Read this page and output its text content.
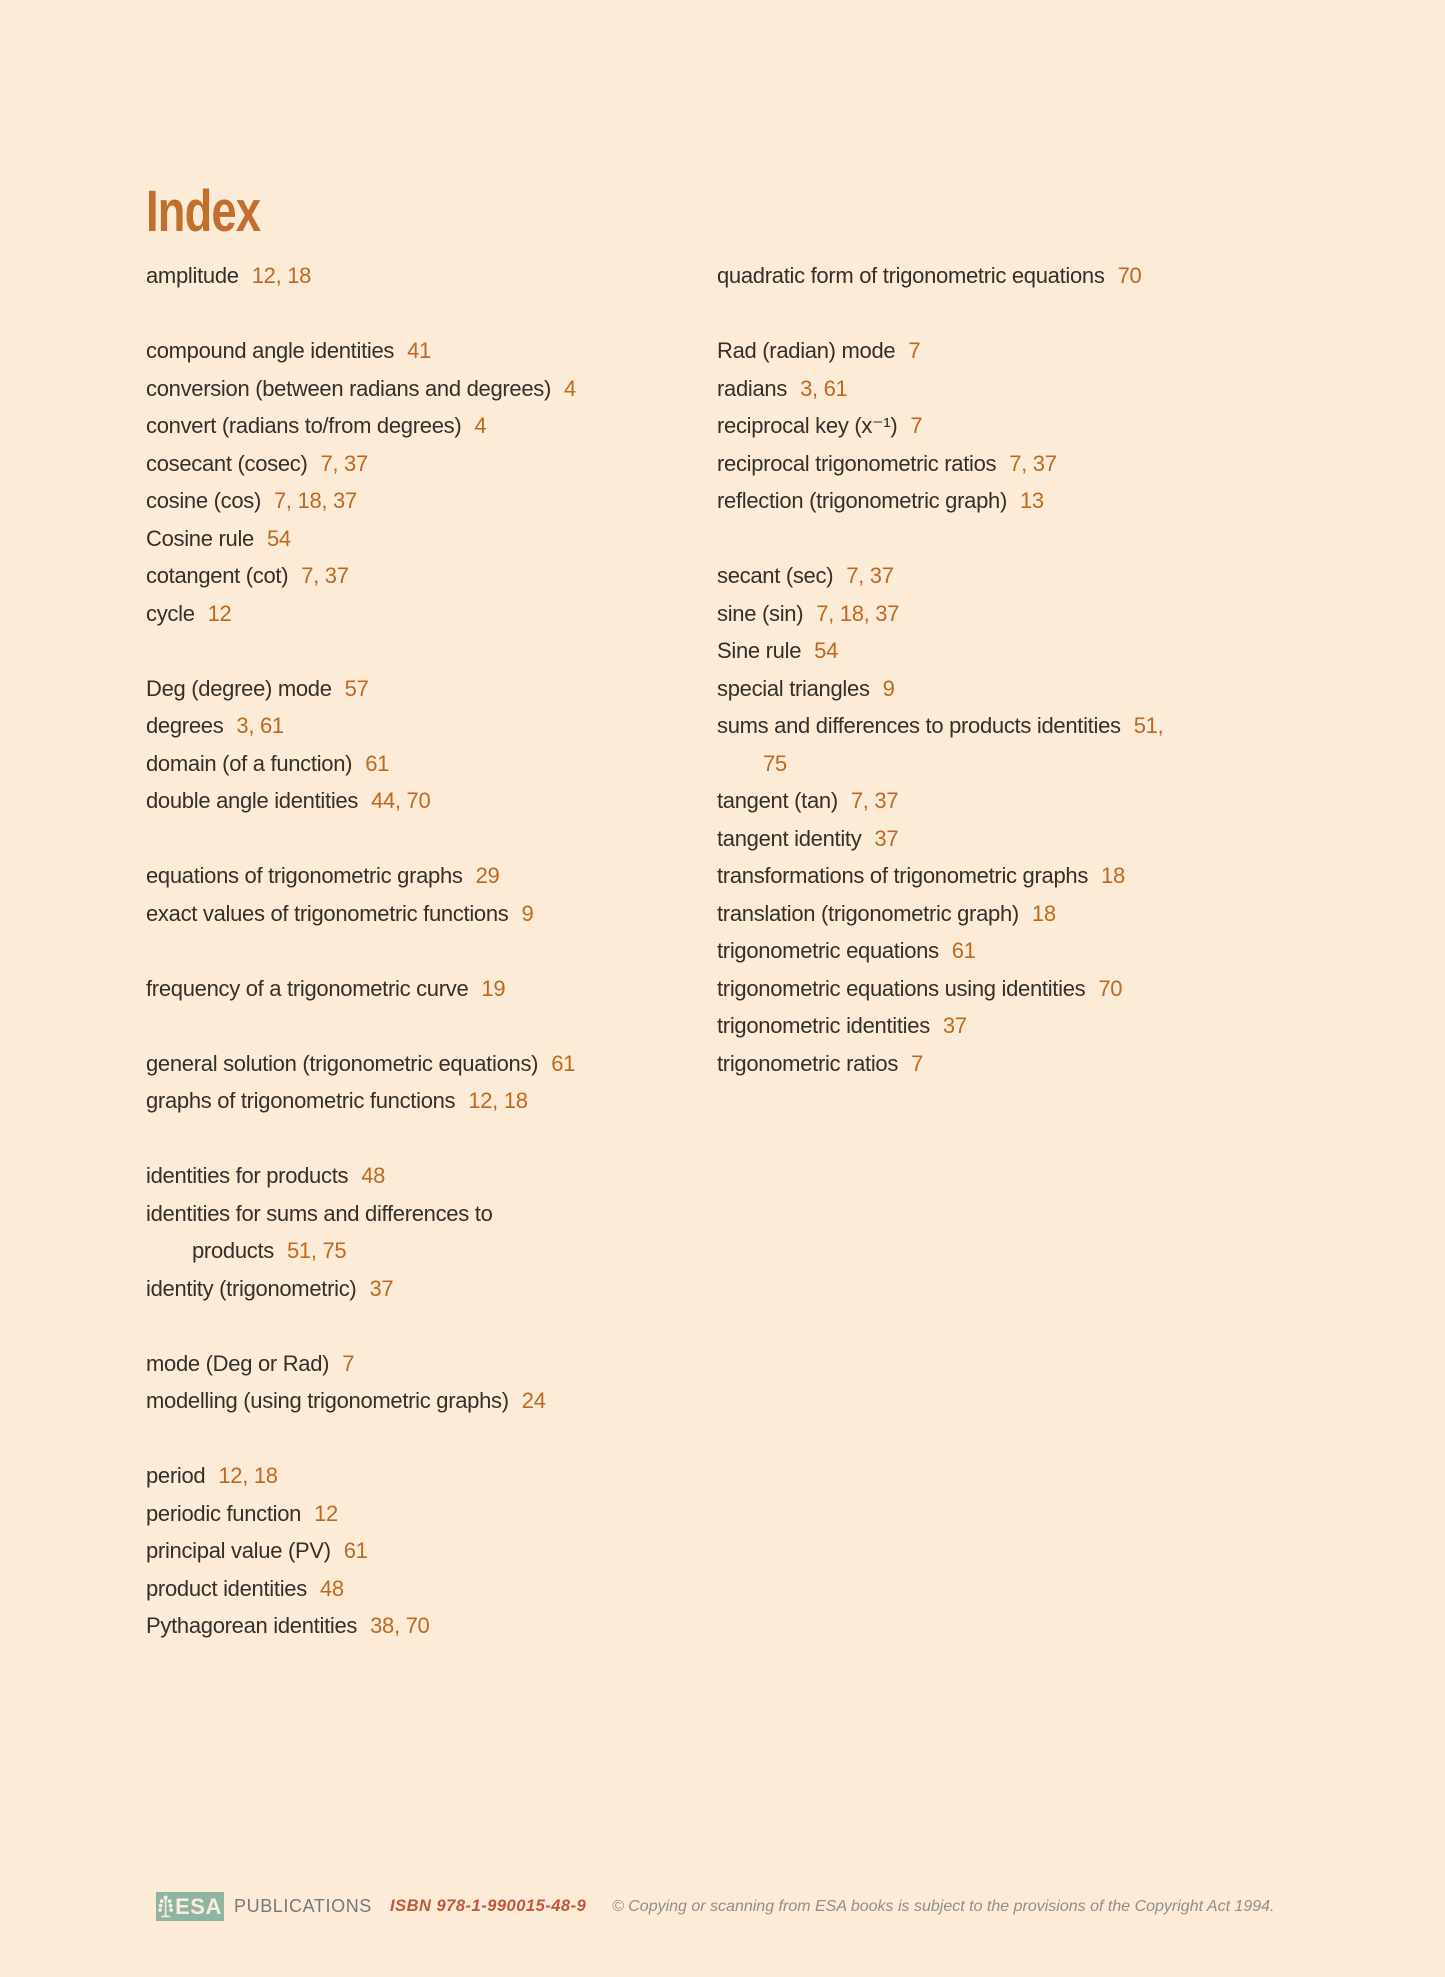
Index
amplitude 12, 18
compound angle identities 41
conversion (between radians and degrees) 4
convert (radians to/from degrees) 4
cosecant (cosec) 7, 37
cosine (cos) 7, 18, 37
Cosine rule 54
cotangent (cot) 7, 37
cycle 12
Deg (degree) mode 57
degrees 3, 61
domain (of a function) 61
double angle identities 44, 70
equations of trigonometric graphs 29
exact values of trigonometric functions 9
frequency of a trigonometric curve 19
general solution (trigonometric equations) 61
graphs of trigonometric functions 12, 18
identities for products 48
identities for sums and differences to
products 51, 75
identity (trigonometric) 37
mode (Deg or Rad) 7
modelling (using trigonometric graphs) 24
period 12, 18
periodic function 12
principal value (PV) 61
product identities 48
Pythagorean identities 38, 70
quadratic form of trigonometric equations 70
Rad (radian) mode 7
radians 3, 61
reciprocal key (x⁻¹) 7
reciprocal trigonometric ratios 7, 37
reflection (trigonometric graph) 13
secant (sec) 7, 37
sine (sin) 7, 18, 37
Sine rule 54
special triangles 9
sums and differences to products identities 51,
75
tangent (tan) 7, 37
tangent identity 37
transformations of trigonometric graphs 18
translation (trigonometric graph) 18
trigonometric equations 61
trigonometric equations using identities 70
trigonometric identities 37
trigonometric ratios 7
ESA PUBLICATIONS ISBN 978-1-990015-48-9 © Copying or scanning from ESA books is subject to the provisions of the Copyright Act 1994.
